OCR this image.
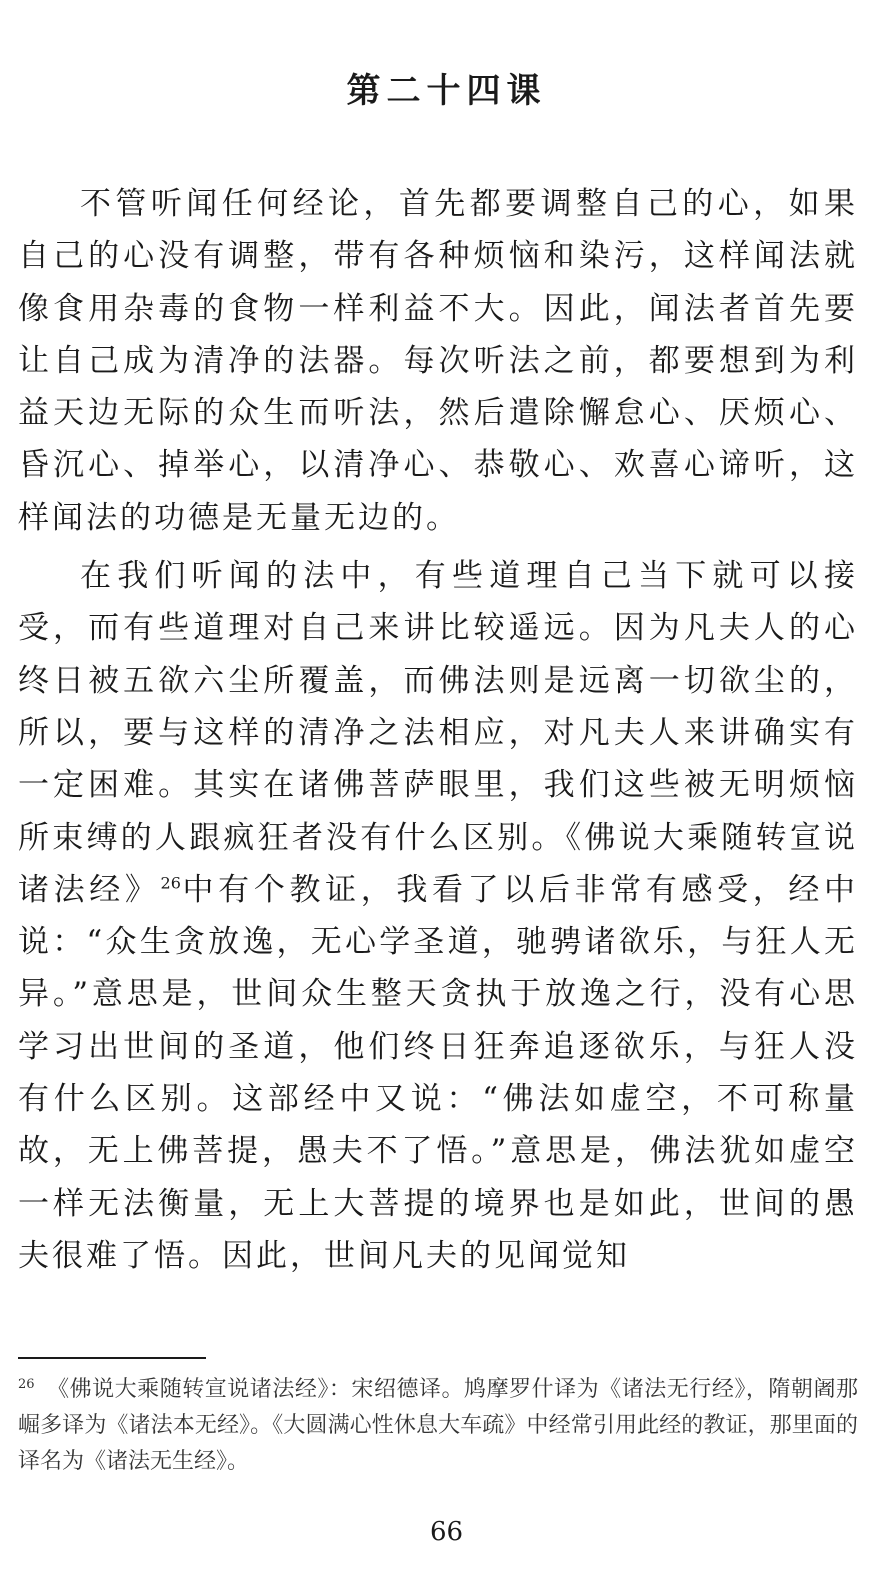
第二十四课

不管听闻任何经论，首先都要调整自己的心，如果自己的心没有调整，带有各种烦恼和染污，这样闻法就像食用杂毒的食物一样利益不大。因此，闻法者首先要让自己成为清净的法器。每次听法之前，都要想到为利益天边无际的众生而听法，然后遣除懈怠心、厌烦心、昏沉心、掉举心，以清净心、恭敬心、欢喜心谛听，这样闻法的功德是无量无边的。

在我们听闻的法中，有些道理自己当下就可以接受，而有些道理对自己来讲比较遥远。因为凡夫人的心终日被五欲六尘所覆盖，而佛法则是远离一切欲尘的，所以，要与这样的清净之法相应，对凡夫人来讲确实有一定困难。其实在诸佛菩萨眼里，我们这些被无明烦恼所束缚的人跟疯狂者没有什么区别。《佛说大乘随转宣说诸法经》$^{26}$中有个教证，我看了以后非常有感受，经中说：“众生贪放逸，无心学圣道，驰骋诸欲乐，与狂人无异。”意思是，世间众生整天贪执于放逸之行，没有心思学习出世间的圣道，他们终日狂奔追逐欲乐，与狂人没有什么区别。这部经中又说：“佛法如虚空，不可称量故，无上佛菩提，愚夫不了悟。”意思是，佛法犹如虚空一样无法衡量，无上大菩提的境界也是如此，世间的愚夫很难了悟。因此，世间凡夫的见闻觉知

$^{26}$ 《佛说大乘随转宣说诸法经》：宋绍德译。鸠摩罗什译为《诸法无行经》，隋朝阇那崛多译为《诸法本无经》。《大圆满心性休息大车疏》中经常引用此经的教证，那里面的译名为《诸法无生经》。

66
